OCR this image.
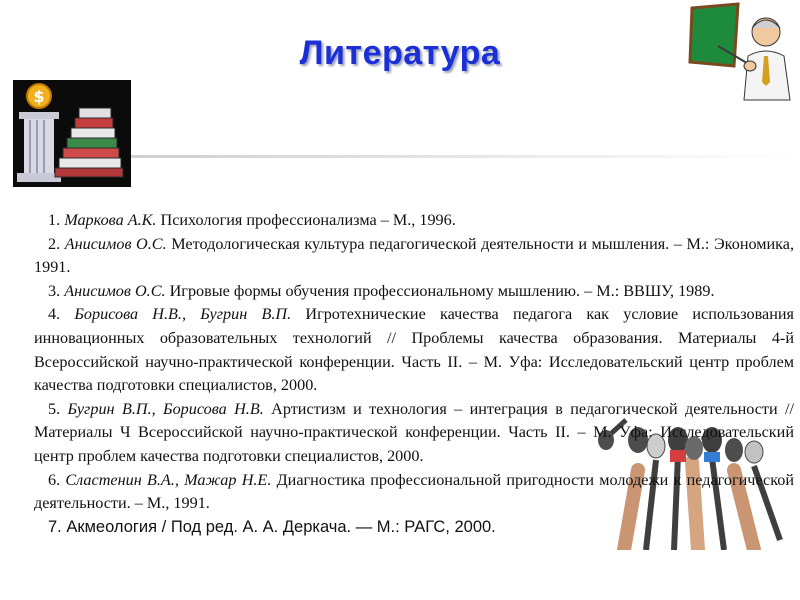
Литература
$

1. Маркова А.К. Психология профессионализма – М., 1996.

2. Анисимов О.С. Методологическая культура педагогической деятельности и мышления. – М.: Экономика, 1991.

3. Анисимов О.С. Игровые формы обучения профессиональному мышлению. – М.: ВВШУ, 1989.

4. Борисова Н.В., Бугрин В.П. Игротехнические качества педагога как условие использования инновационных образовательных технологий // Проблемы качества образования. Материалы 4-й Всероссийской научно-практической конференции. Часть II. – М. Уфа: Исследовательский центр проблем качества подготовки специалистов, 2000.

5. Бугрин В.П., Борисова Н.В. Артистизм и технология – интеграция в педагогической деятельности // Материалы Ч Всероссийской научно-практической конференции. Часть II. – М. Уфа: Исследовательский центр проблем качества подготовки специалистов, 2000.

6. Сластенин В.А., Мажар Н.Е. Диагностика профессиональной пригодности молодежи к педагогической деятельности. – М., 1991.

7. Акмеология / Под ред. А. А. Деркача. — М.: РАГС, 2000.
